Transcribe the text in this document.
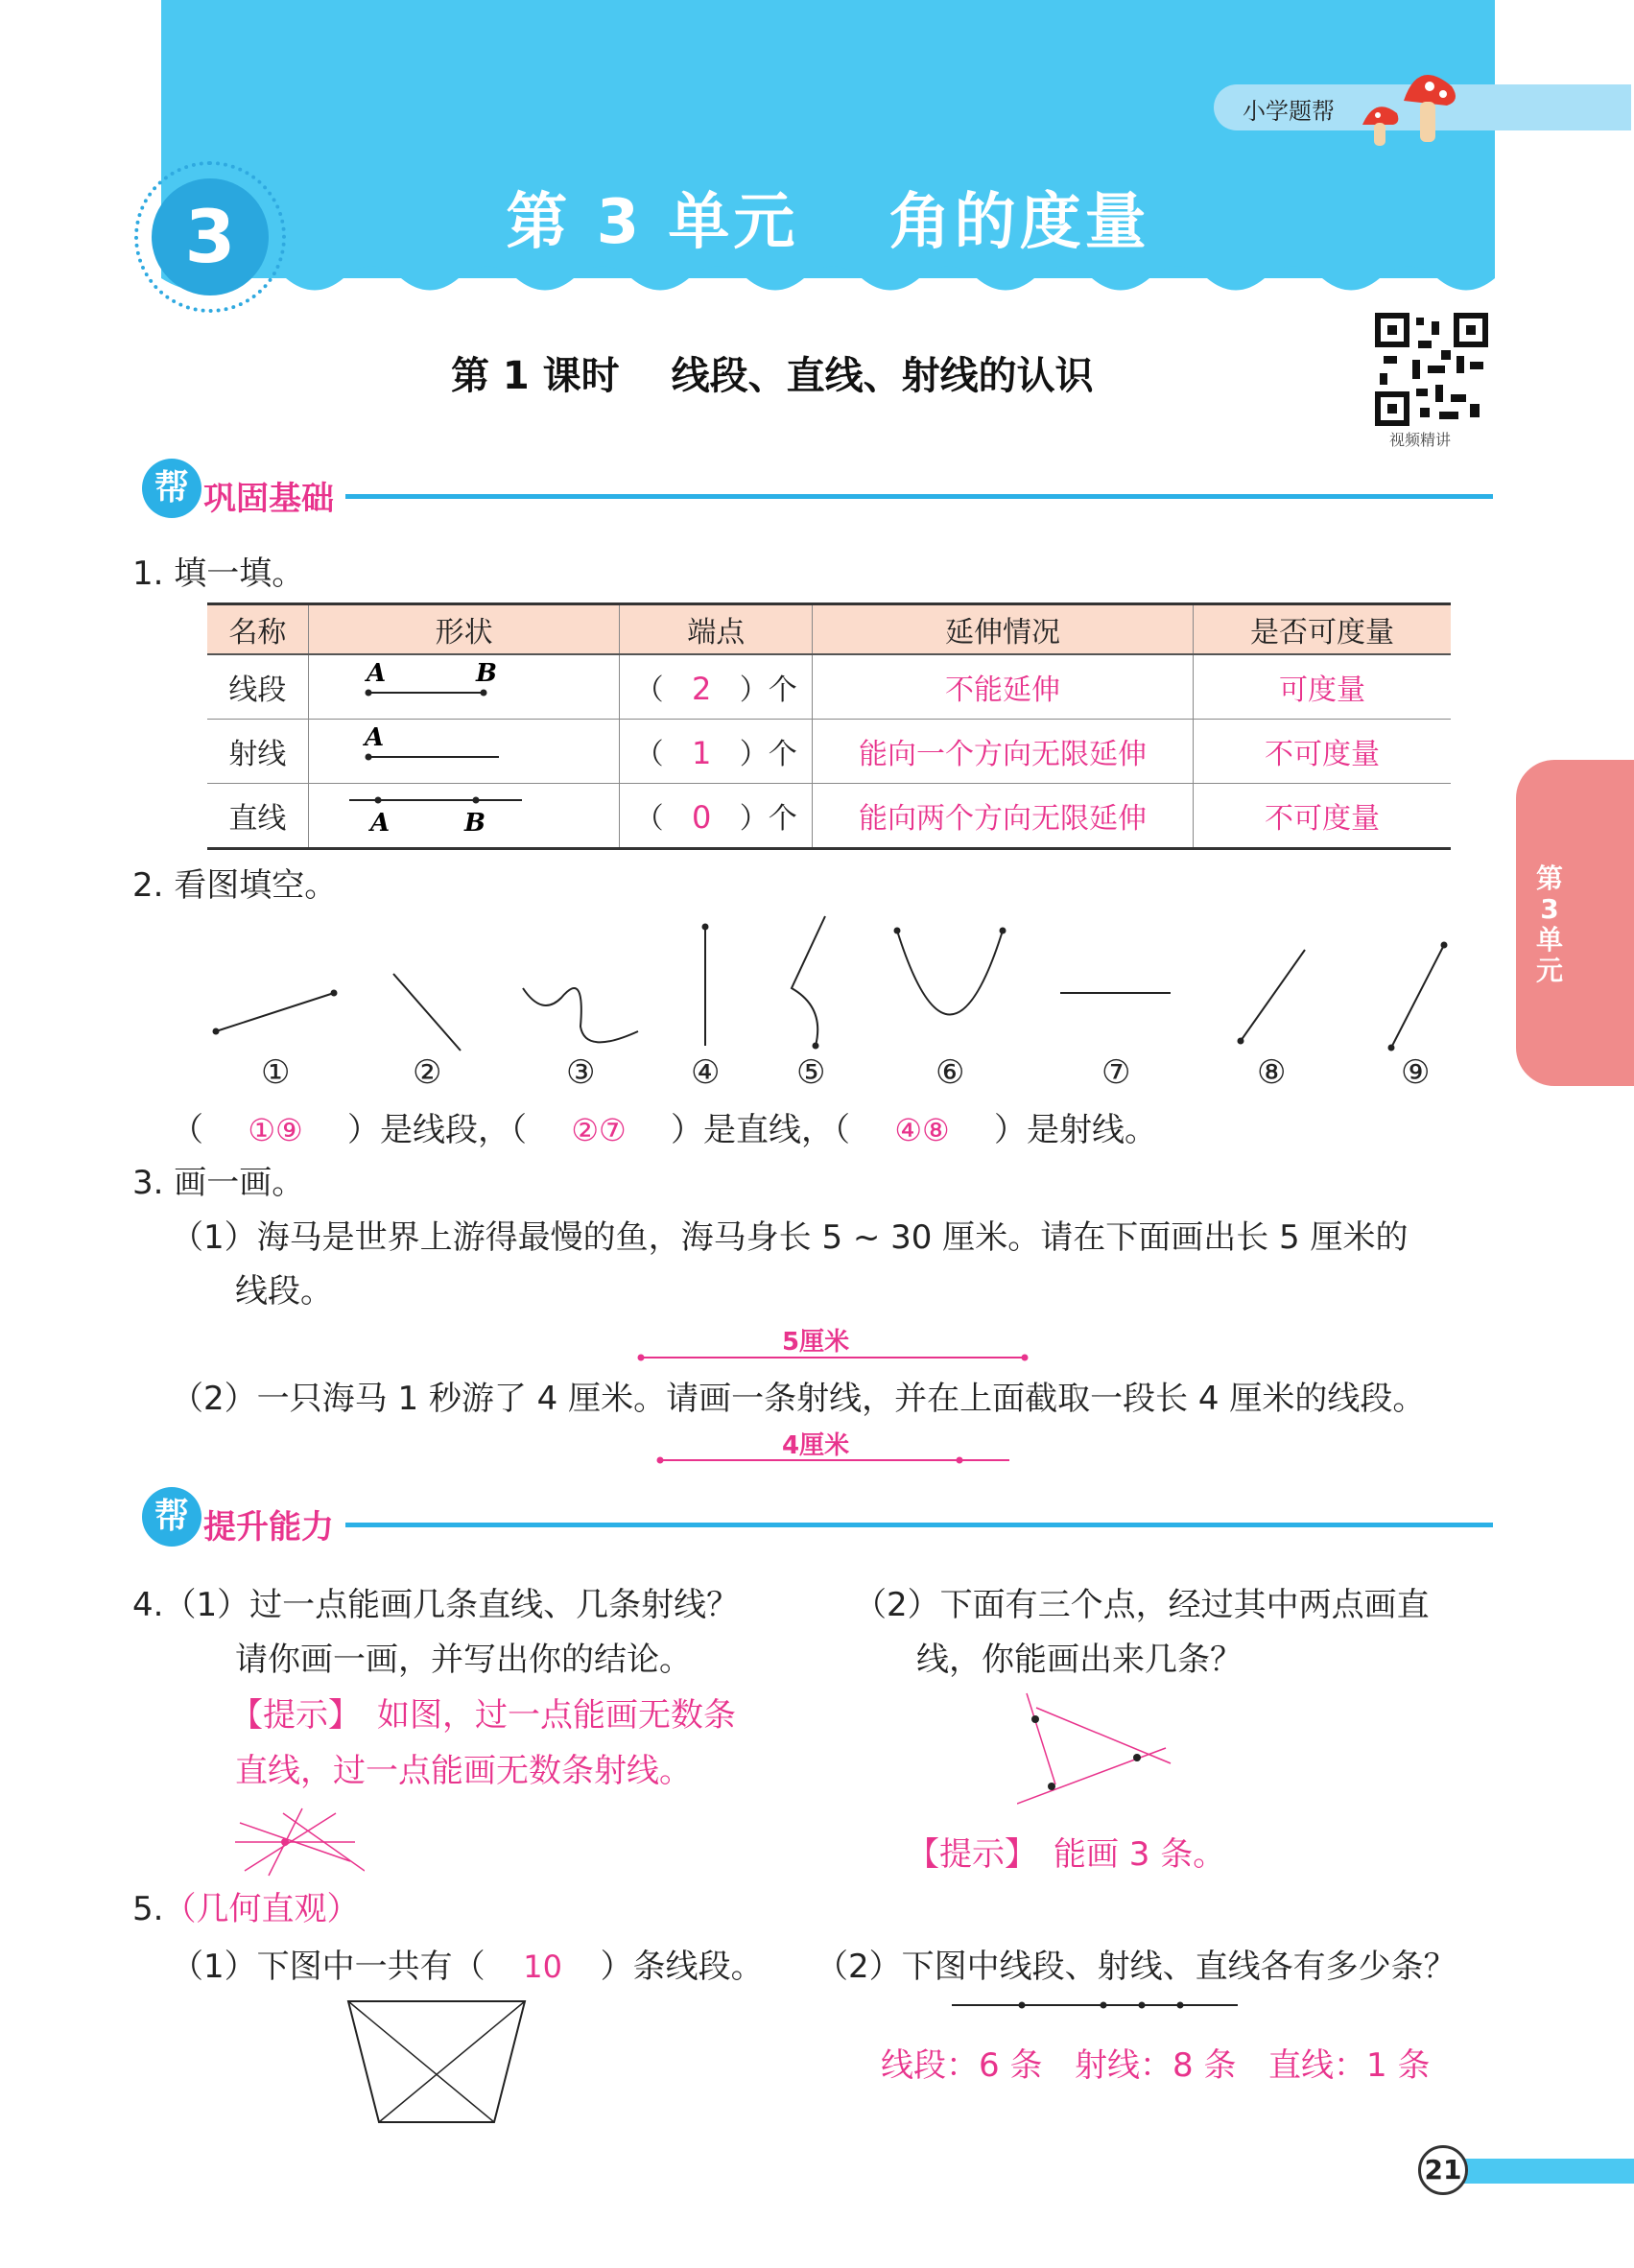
小学题帮
3	第 3 单元　 角的度量
第 1 课时　 线段、直线、射线的认识
视频精讲
第3单元
帮 巩固基础
1. 填一填。
名称	形状	端点	延伸情况	是否可度量
线段	A B	（ 2 ）个	不能延伸	可度量
射线	A	（ 1 ）个	能向一个方向无限延伸	不可度量
直线	A B	（ 0 ）个	能向两个方向无限延伸	不可度量
2. 看图填空。
①	②	③	④ ⑤	⑥	⑦	⑧	⑨
（ ①⑨ ）是线段，（ ②⑦ ）是直线，（ ④⑧ ）是射线。
3. 画一画。
（1）海马是世界上游得最慢的鱼，海马身长 5 ~ 30 厘米。请在下面画出长 5 厘米的
线段。
5厘米
（2）一只海马 1 秒游了 4 厘米。请画一条射线，并在上面截取一段长 4 厘米的线段。
4厘米
帮 提升能力
4.（1）过一点能画几条直线、几条射线？
请你画一画，并写出你的结论。
【提示】　如图，过一点能画无数条
直线，过一点能画无数条射线。
（2）下面有三个点，经过其中两点画直
线，你能画出来几条？
【提示】　能画 3 条。
5.（几何直观）
（1）下图中一共有（ 10 ）条线段。 （2）下图中线段、射线、直线各有多少条？
线段：6 条 射线：8 条 直线：1 条
21
